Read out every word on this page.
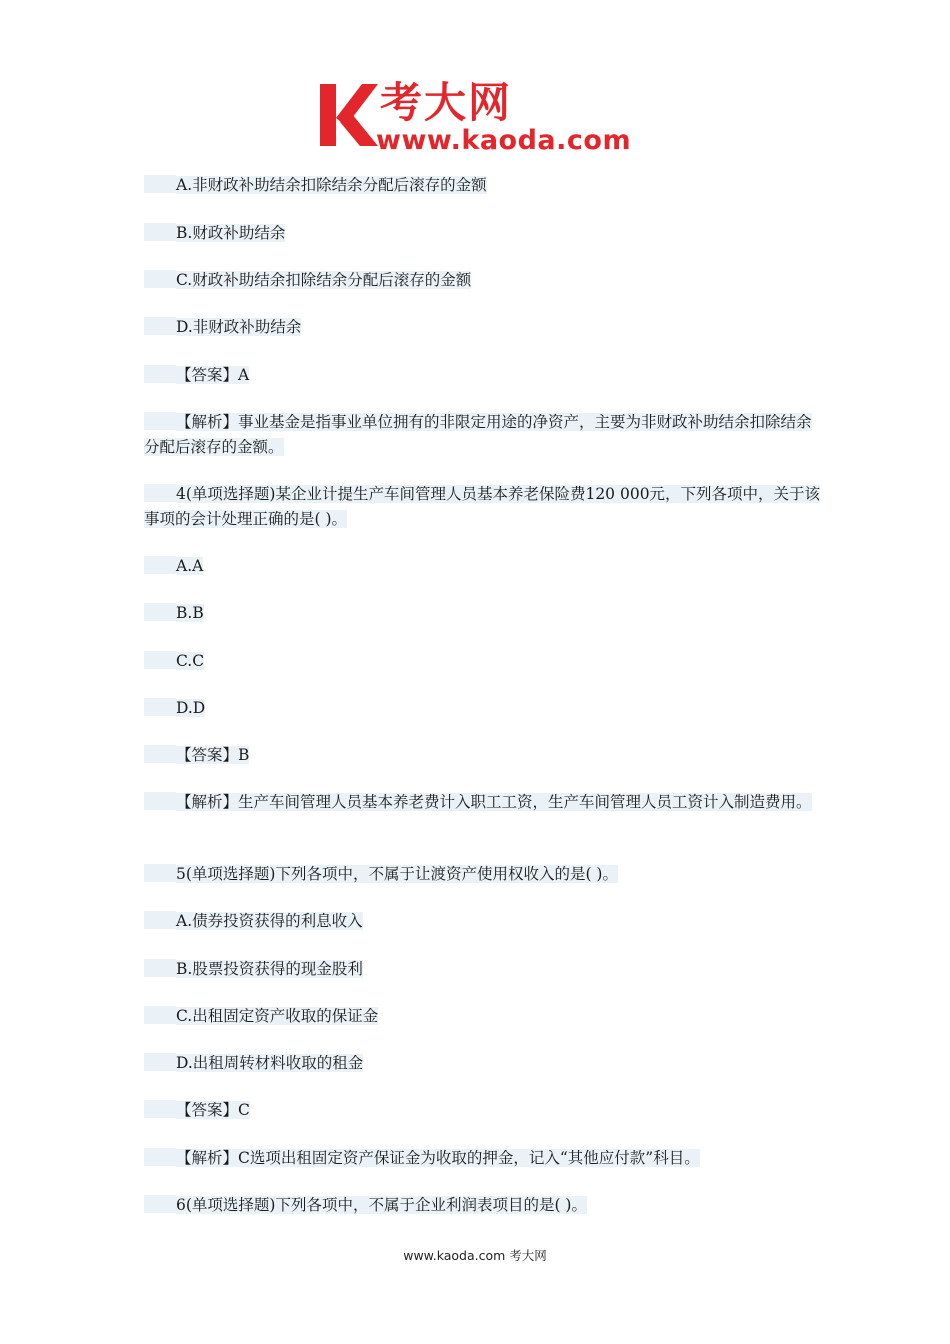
考大网
www.kaoda.com
A.非财政补助结余扣除结余分配后滚存的金额
B.财政补助结余
C.财政补助结余扣除结余分配后滚存的金额
D.非财政补助结余
【答案】A
【解析】事业基金是指事业单位拥有的非限定用途的净资产，主要为非财政补助结余扣除结余分配后滚存的金额。
4(单项选择题)某企业计提生产车间管理人员基本养老保险费120 000元，下列各项中，关于该事项的会计处理正确的是( )。
A.A
B.B
C.C
D.D
【答案】B
【解析】生产车间管理人员基本养老费计入职工工资，生产车间管理人员工资计入制造费用。
5(单项选择题)下列各项中，不属于让渡资产使用权收入的是( )。
A.债券投资获得的利息收入
B.股票投资获得的现金股利
C.出租固定资产收取的保证金
D.出租周转材料收取的租金
【答案】C
【解析】C选项出租固定资产保证金为收取的押金，记入“其他应付款”科目。
6(单项选择题)下列各项中，不属于企业利润表项目的是( )。
www.kaoda.com 考大网
